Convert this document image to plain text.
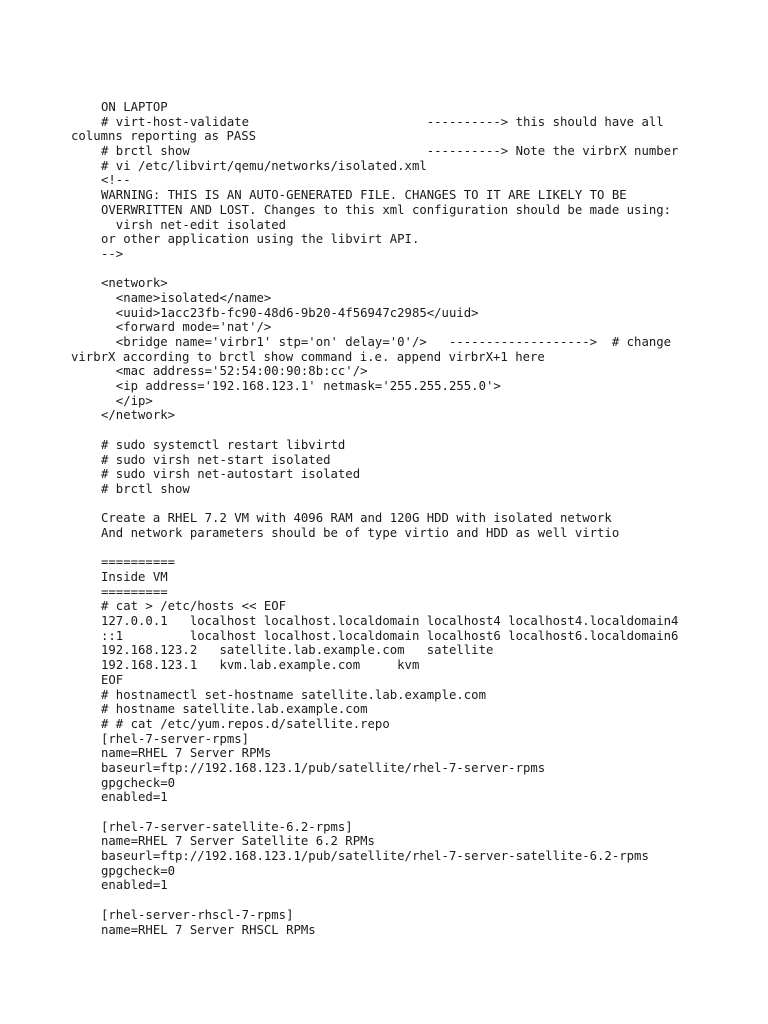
ON LAPTOP
# virt-host-validate                        ----------> this should have all
columns reporting as PASS
# brctl show                                ----------> Note the virbrX number
# vi /etc/libvirt/qemu/networks/isolated.xml
<!--
WARNING: THIS IS AN AUTO-GENERATED FILE. CHANGES TO IT ARE LIKELY TO BE
OVERWRITTEN AND LOST. Changes to this xml configuration should be made using:
virsh net-edit isolated
or other application using the libvirt API.
-->
<network>
<name>isolated</name>
<uuid>1acc23fb-fc90-48d6-9b20-4f56947c2985</uuid>
<forward mode='nat'/>
<bridge name='virbr1' stp='on' delay='0'/>   ------------------->  # change
virbrX according to brctl show command i.e. append virbrX+1 here
<mac address='52:54:00:90:8b:cc'/>
<ip address='192.168.123.1' netmask='255.255.255.0'>
</ip>
</network>
# sudo systemctl restart libvirtd
# sudo virsh net-start isolated
# sudo virsh net-autostart isolated
# brctl show
Create a RHEL 7.2 VM with 4096 RAM and 120G HDD with isolated network
And network parameters should be of type virtio and HDD as well virtio
==========
Inside VM
=========
# cat > /etc/hosts << EOF
127.0.0.1   localhost localhost.localdomain localhost4 localhost4.localdomain4
::1         localhost localhost.localdomain localhost6 localhost6.localdomain6
192.168.123.2   satellite.lab.example.com   satellite
192.168.123.1   kvm.lab.example.com     kvm
EOF
# hostnamectl set-hostname satellite.lab.example.com
# hostname satellite.lab.example.com
# # cat /etc/yum.repos.d/satellite.repo
[rhel-7-server-rpms]
name=RHEL 7 Server RPMs
baseurl=ftp://192.168.123.1/pub/satellite/rhel-7-server-rpms
gpgcheck=0
enabled=1
[rhel-7-server-satellite-6.2-rpms]
name=RHEL 7 Server Satellite 6.2 RPMs
baseurl=ftp://192.168.123.1/pub/satellite/rhel-7-server-satellite-6.2-rpms
gpgcheck=0
enabled=1
[rhel-server-rhscl-7-rpms]
name=RHEL 7 Server RHSCL RPMs
